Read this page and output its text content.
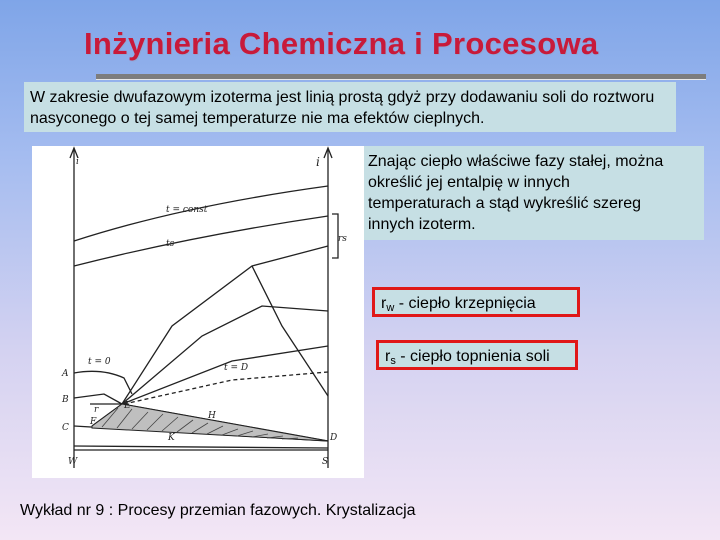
Inżynieria Chemiczna i Procesowa
W zakresie dwufazowym izoterma jest linią prostą gdyż przy dodawaniu soli do roztworu nasyconego o tej samej temperaturze nie ma efektów cieplnych.
i	i
t = const
ts	rs
t = 0
t = D
A
B
C
D
E
F
H
K
r
W	S
Znając ciepło właściwe fazy stałej, można
określić jej entalpię w innych
temperaturach a stąd wykreślić szereg
innych izoterm.
$r_w$ - ciepło krzepnięcia
$r_s$ - ciepło topnienia soli
Wykład nr 9 : Procesy przemian fazowych. Krystalizacja
